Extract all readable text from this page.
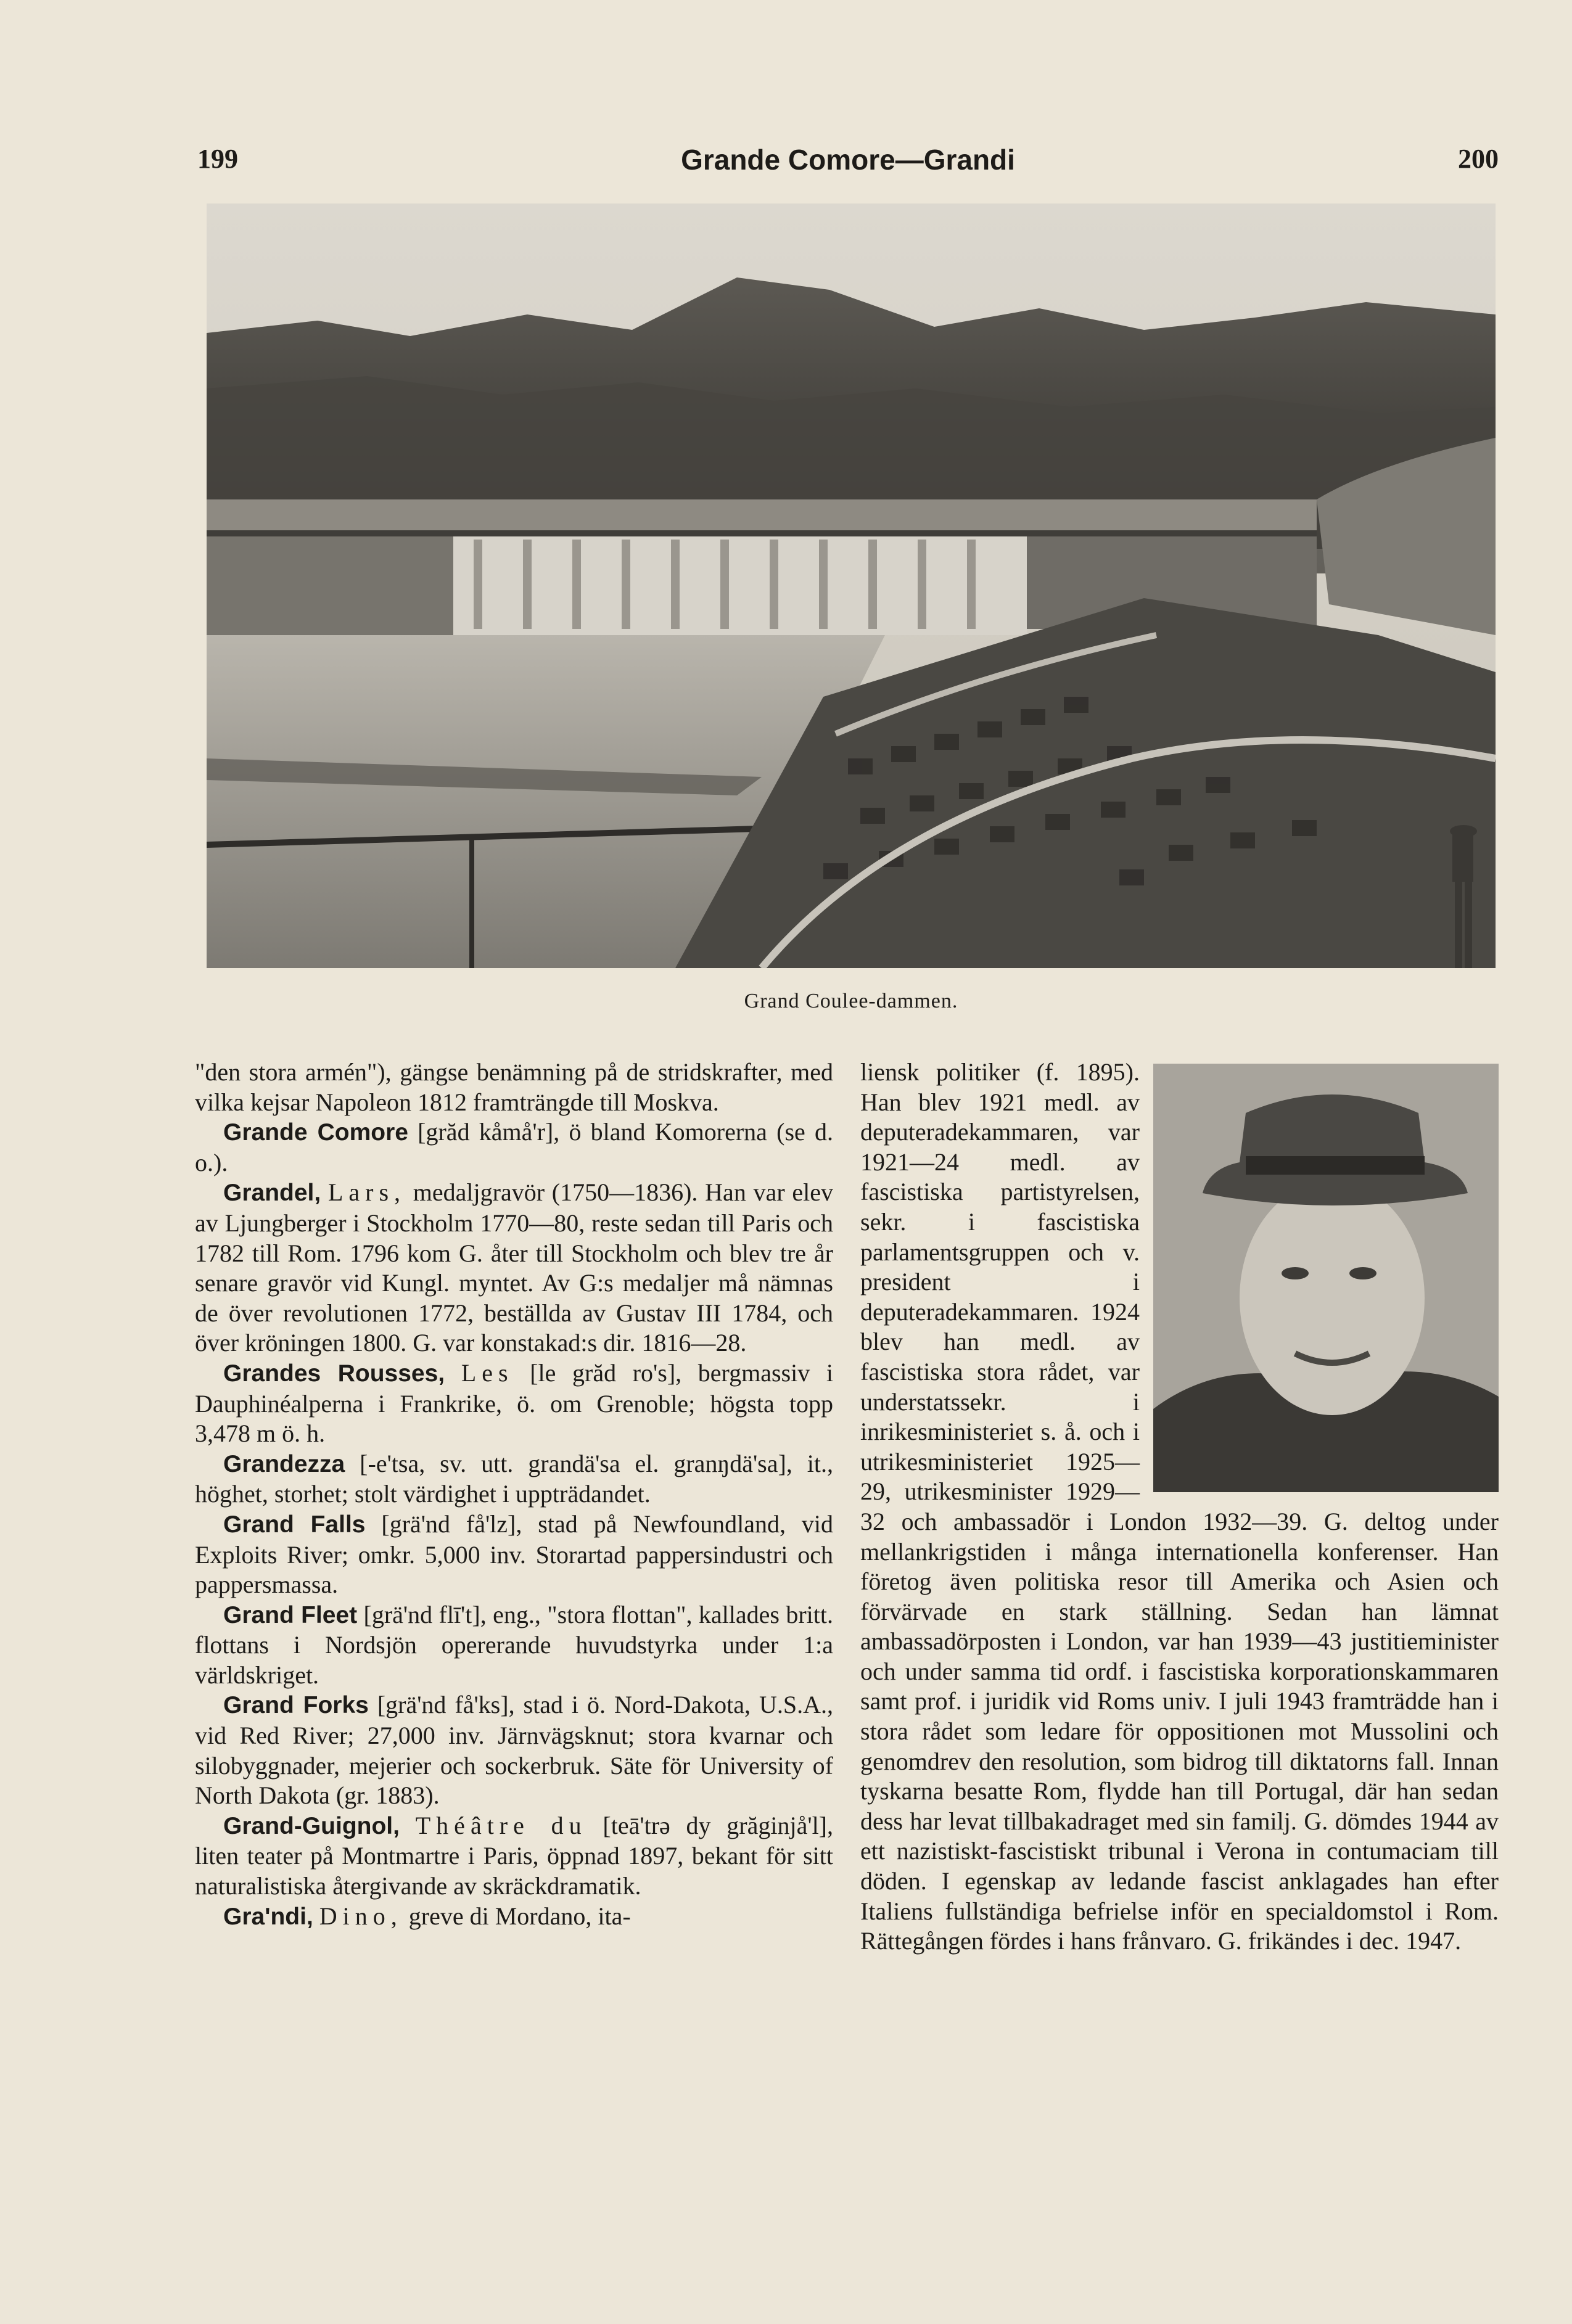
199	Grande Comore—Grandi	200
Grand Coulee-dammen.

"den stora armén"), gängse benämning på de stridskrafter, med vilka kejsar Napoleon 1812 framträngde till Moskva.

Grande Comore [grăd kåmå'r], ö bland Komorerna (se d. o.).

Grandel, Lars, medaljgravör (1750—1836). Han var elev av Ljungberger i Stockholm 1770—80, reste sedan till Paris och 1782 till Rom. 1796 kom G. åter till Stockholm och blev tre år senare gravör vid Kungl. myntet. Av G:s medaljer må nämnas de över revolutionen 1772, beställda av Gustav III 1784, och över kröningen 1800. G. var konstakad:s dir. 1816—28.

Grandes Rousses, Les [le grăd ro's], bergmassiv i Dauphinéalperna i Frankrike, ö. om Grenoble; högsta topp 3,478 m ö. h.

Grandezza [-e'tsa, sv. utt. grandä'sa el. granŋdä'sa], it., höghet, storhet; stolt värdighet i uppträdandet.

Grand Falls [grä'nd få'lz], stad på Newfoundland, vid Exploits River; omkr. 5,000 inv. Storartad pappersindustri och pappersmassa.

Grand Fleet [grä'nd flī't], eng., "stora flottan", kallades britt. flottans i Nordsjön opererande huvudstyrka under 1:a världskriget.

Grand Forks [grä'nd få'ks], stad i ö. Nord-Dakota, U.S.A., vid Red River; 27,000 inv. Järnvägsknut; stora kvarnar och silobyggnader, mejerier och sockerbruk. Säte för University of North Dakota (gr. 1883).

Grand-Guignol, Théâtre du [teā'trə dy grăginjå'l], liten teater på Montmartre i Paris, öppnad 1897, bekant för sitt naturalistiska återgivande av skräckdramatik.

Gra'ndi, Dino, greve di Mordano, ita-

liensk politiker (f. 1895). Han blev 1921 medl. av deputeradekammaren, var 1921—24 medl. av fascistiska partistyrelsen, sekr. i fascistiska parlamentsgruppen och v. president i deputeradekammaren. 1924 blev han medl. av fascistiska stora rådet, var understatssekr. i inrikesministeriet s. å. och i utrikesministeriet 1925—29, utrikesminister 1929—32 och ambassadör i London 1932—39. G. deltog under mellankrigstiden i många internationella konferenser. Han företog även politiska resor till Amerika och Asien och förvärvade en stark ställning. Sedan han lämnat ambassadörposten i London, var han 1939—43 justitieminister och under samma tid ordf. i fascistiska korporationskammaren samt prof. i juridik vid Roms univ. I juli 1943 framträdde han i stora rådet som ledare för oppositionen mot Mussolini och genomdrev den resolution, som bidrog till diktatorns fall. Innan tyskarna besatte Rom, flydde han till Portugal, där han sedan dess har levat tillbakadraget med sin familj. G. dömdes 1944 av ett nazistiskt-fascistiskt tribunal i Verona in contumaciam till döden. I egenskap av ledande fascist anklagades han efter Italiens fullständiga befrielse inför en specialdomstol i Rom. Rättegången fördes i hans frånvaro. G. frikändes i dec. 1947.
